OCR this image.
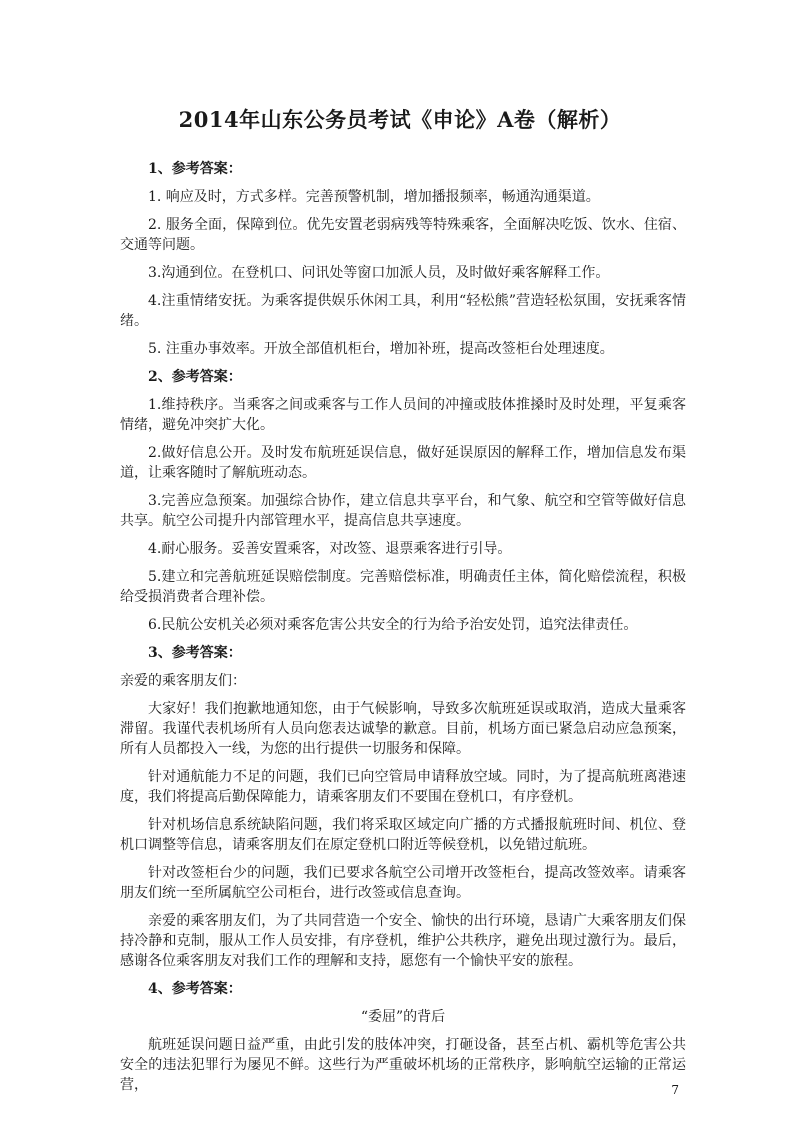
2014年山东公务员考试《申论》A卷（解析）
1、参考答案：

1. 响应及时，方式多样。完善预警机制，增加播报频率，畅通沟通渠道。

2. 服务全面，保障到位。优先安置老弱病残等特殊乘客，全面解决吃饭、饮水、住宿、交通等问题。

3.沟通到位。在登机口、问讯处等窗口加派人员，及时做好乘客解释工作。

4.注重情绪安抚。为乘客提供娱乐休闲工具，利用“轻松熊”营造轻松氛围，安抚乘客情绪。

5. 注重办事效率。开放全部值机柜台，增加补班，提高改签柜台处理速度。

2、参考答案：

1.维持秩序。当乘客之间或乘客与工作人员间的冲撞或肢体推搡时及时处理，平复乘客情绪，避免冲突扩大化。

2.做好信息公开。及时发布航班延误信息，做好延误原因的解释工作，增加信息发布渠道，让乘客随时了解航班动态。

3.完善应急预案。加强综合协作，建立信息共享平台，和气象、航空和空管等做好信息共享。航空公司提升内部管理水平，提高信息共享速度。

4.耐心服务。妥善安置乘客，对改签、退票乘客进行引导。

5.建立和完善航班延误赔偿制度。完善赔偿标准，明确责任主体，简化赔偿流程，积极给受损消费者合理补偿。

6.民航公安机关必须对乘客危害公共安全的行为给予治安处罚，追究法律责任。

3、参考答案：

亲爱的乘客朋友们：

大家好！我们抱歉地通知您，由于气候影响，导致多次航班延误或取消，造成大量乘客滞留。我谨代表机场所有人员向您表达诚挚的歉意。目前，机场方面已紧急启动应急预案，所有人员都投入一线，为您的出行提供一切服务和保障。

针对通航能力不足的问题，我们已向空管局申请释放空域。同时，为了提高航班离港速度，我们将提高后勤保障能力，请乘客朋友们不要围在登机口，有序登机。

针对机场信息系统缺陷问题，我们将采取区域定向广播的方式播报航班时间、机位、登机口调整等信息，请乘客朋友们在原定登机口附近等候登机，以免错过航班。

针对改签柜台少的问题，我们已要求各航空公司增开改签柜台，提高改签效率。请乘客朋友们统一至所属航空公司柜台，进行改签或信息查询。

亲爱的乘客朋友们，为了共同营造一个安全、愉快的出行环境，恳请广大乘客朋友们保持冷静和克制，服从工作人员安排，有序登机，维护公共秩序，避免出现过激行为。最后，感谢各位乘客朋友对我们工作的理解和支持，愿您有一个愉快平安的旅程。

4、参考答案：
“委屈”的背后

航班延误问题日益严重，由此引发的肢体冲突，打砸设备，甚至占机、霸机等危害公共安全的违法犯罪行为屡见不鲜。这些行为严重破坏机场的正常秩序，影响航空运输的正常运营，	7
